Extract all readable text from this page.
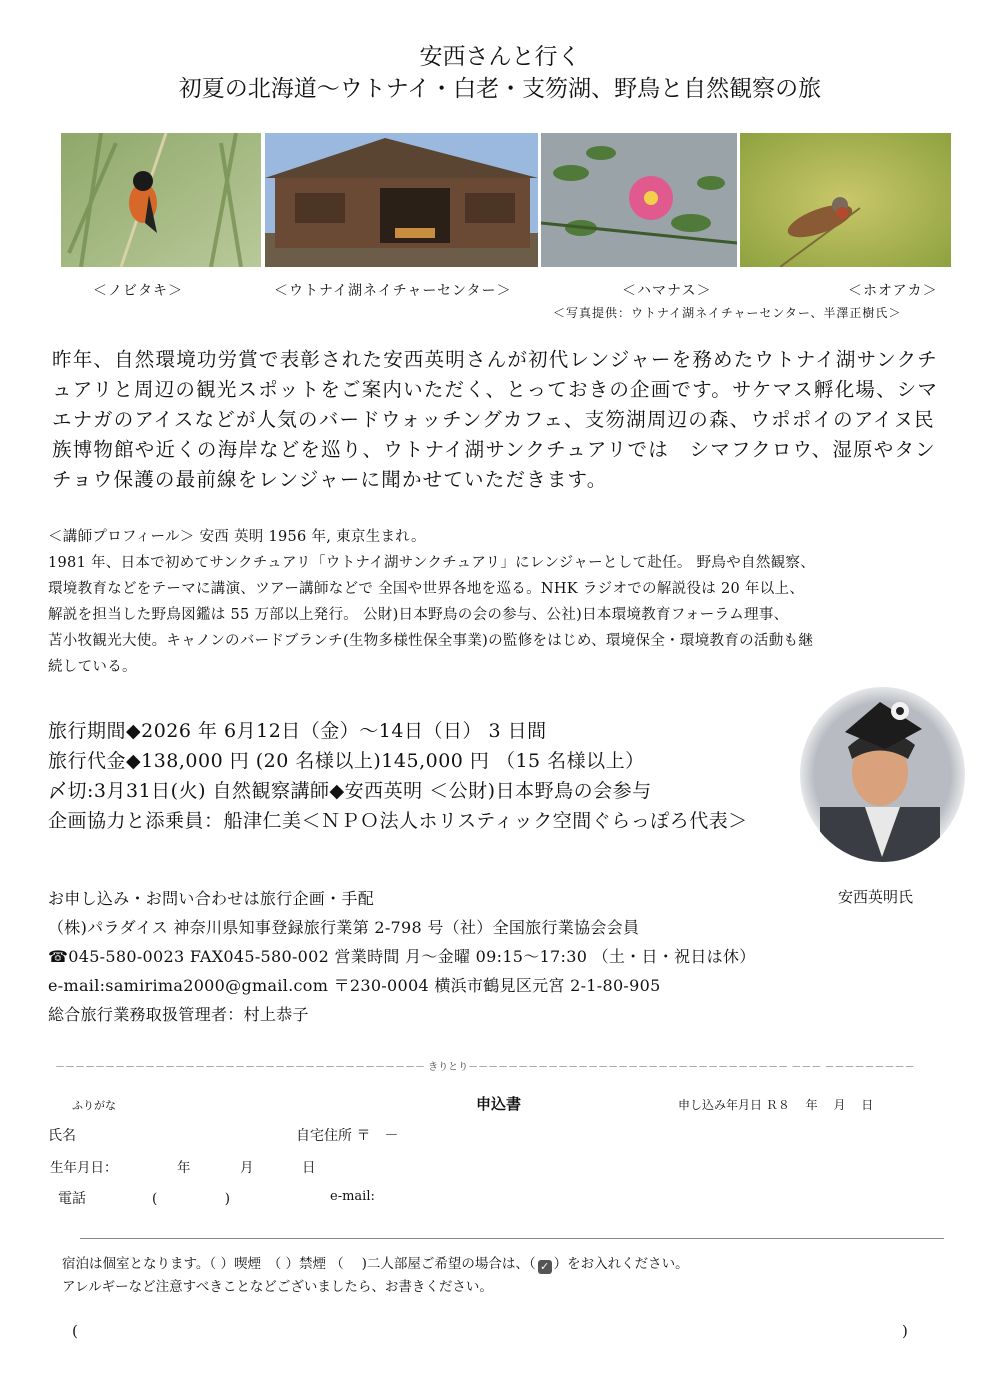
安西さんと行く
初夏の北海道〜ウトナイ・白老・支笏湖、野鳥と自然観察の旅
＜ノビタキ＞	＜ウトナイ湖ネイチャーセンター＞	＜ハマナス＞	＜ホオアカ＞
＜写真提供：ウトナイ湖ネイチャーセンター、半澤正樹氏＞
昨年、自然環境功労賞で表彰された安西英明さんが初代レンジャーを務めたウトナイ湖サンクチ
ュアリと周辺の観光スポットをご案内いただく、とっておきの企画です。サケマス孵化場、シマ
エナガのアイスなどが人気のバードウォッチングカフェ、支笏湖周辺の森、ウポポイのアイヌ民
族博物館や近くの海岸などを巡り、ウトナイ湖サンクチュアリでは　シマフクロウ、湿原やタン
チョウ保護の最前線をレンジャーに聞かせていただきます。
＜講師プロフィール＞ 安西 英明 1956 年, 東京生まれ。
1981 年、日本で初めてサンクチュアリ「ウトナイ湖サンクチュアリ」にレンジャーとして赴任。 野鳥や自然観察、
環境教育などをテーマに講演、ツアー講師などで 全国や世界各地を巡る。NHK ラジオでの解説役は 20 年以上、
解説を担当した野鳥図鑑は 55 万部以上発行。 公財)日本野鳥の会の参与、公社)日本環境教育フォーラム理事、
苫小牧観光大使。キャノンのバードブランチ(生物多様性保全事業)の監修をはじめ、環境保全・環境教育の活動も継
続している。
旅行期間◆2026 年 6月12日（金）〜14日（日） 3 日間
旅行代金◆138,000 円 (20 名様以上)145,000 円 （15 名様以上）
〆切:3月31日(火) 自然観察講師◆安西英明 ＜公財)日本野鳥の会参与
企画協力と添乗員：船津仁美＜ＮＰＯ法人ホリスティック空間ぐらっぽろ代表＞
安西英明氏
お申し込み・お問い合わせは旅行企画・手配
（株)パラダイス 神奈川県知事登録旅行業第 2-798 号（社）全国旅行業協会会員
☎045-580-0023 FAX045-580-002 営業時間 月〜金曜 09:15〜17:30 （土・日・祝日は休）
e-mail:samirima2000@gmail.com 〒230-0004 横浜市鶴見区元宮 2-1-80-905
総合旅行業務取扱管理者：村上恭子
－－－－－－－－－－－－－－－－－－－－－－－－－－－－－－－－－－－－－ きりとり－－－－－－－－－－－－－－－－－－－－－－－－－－－－－－－－ －－－ －－－－－－－－－
ふりがな	申込書	申し込み年月日 Ｒ８　 年　 月　 日
氏名	自宅住所 〒　－
生年月日：	年	月	日
電話	(　　　　　)	e-mail:
宿泊は個室となります。（ ）喫煙　（ ）禁煙 （　 )二人部屋ご希望の場合は、（ ✓ ）をお入れください。
アレルギーなど注意すべきことなどございましたら、お書きください。
(	)
